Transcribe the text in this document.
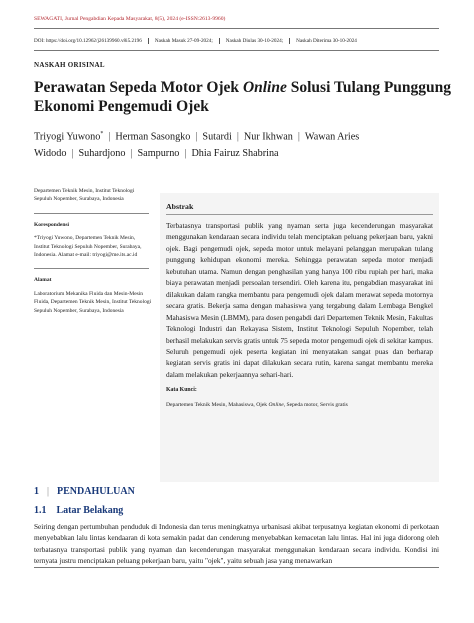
SEWAGATI, Jurnal Pengabdian Kepada Masyarakat, 8(5), 2024 (e-ISSN:2613-9960)
DOI: https://doi.org/10.12962/j26139960.v8i5.2196	Naskah Masuk 27-09-2024;	Naskah Diulas 30-10-2024;	Naskah Diterima 30-10-2024
NASKAH ORISINAL
Perawatan Sepeda Motor Ojek Online Solusi Tulang Punggung Ekonomi Pengemudi Ojek
Triyogi Yuwono* | Herman Sasongko | Sutardi | Nur Ikhwan | Wawan Aries Widodo | Suhardjono | Sampurno | Dhia Fairuz Shabrina

Departemen Teknik Mesin, Institut Teknologi Sepuluh Nopember, Surabaya, Indonesia

Korespondensi

*Triyogi Yuwono, Departemen Teknik Mesin, Institut Teknologi Sepuluh Nopember, Surabaya, Indonesia. Alamat e-mail: triyogi@me.its.ac.id

Alamat

Laboratorium Mekanika Fluida dan Mesin-Mesin Fluida, Departemen Teknik Mesin, Institut Teknologi Sepuluh Nopember, Surabaya, Indonesia

Abstrak
Terbatasnya transportasi publik yang nyaman serta juga kecenderungan masyarakat menggunakan kendaraan secara individu telah menciptakan peluang pekerjaan baru, yakni ojek. Bagi pengemudi ojek, sepeda motor untuk melayani pelanggan merupakan tulang punggung kehidupan ekonomi mereka. Sehingga perawatan sepeda motor menjadi kebutuhan utama. Namun dengan penghasilan yang hanya 100 ribu rupiah per hari, maka biaya perawatan menjadi persoalan tersendiri. Oleh karena itu, pengabdian masyarakat ini dilakukan dalam rangka membantu para pengemudi ojek dalam merawat sepeda motornya secara gratis. Bekerja sama dengan mahasiswa yang tergabung dalam Lembaga Bengkel Mahasiswa Mesin (LBMM), para dosen pengabdi dari Departemen Teknik Mesin, Fakultas Teknologi Industri dan Rekayasa Sistem, Institut Teknologi Sepuluh Nopember, telah berhasil melakukan servis gratis untuk 75 sepeda motor pengemudi ojek di sekitar kampus. Seluruh pengemudi ojek peserta kegiatan ini menyatakan sangat puas dan berharap kegiatan servis gratis ini dapat dilakukan secara rutin, karena sangat membantu mereka dalam melakukan pekerjaannya sehari-hari.
Kata Kunci:
Departemen Teknik Mesin, Mahasiswa, Ojek Online, Sepeda motor, Servis gratis
1 | PENDAHULUAN
1.1 Latar Belakang
Seiring dengan pertumbuhan penduduk di Indonesia dan terus meningkatnya urbanisasi akibat terpusatnya kegiatan ekonomi di perkotaan menyebabkan lalu lintas kendaaran di kota semakin padat dan cenderung menyebabkan kemacetan lalu lintas. Hal ini juga didorong oleh terbatasnya transportasi publik yang nyaman dan kecenderungan masyarakat menggunakan kendaraan secara individu. Kondisi ini ternyata justru menciptakan peluang pekerjaan baru, yaitu "ojek", yaitu sebuah jasa yang menawarkan
